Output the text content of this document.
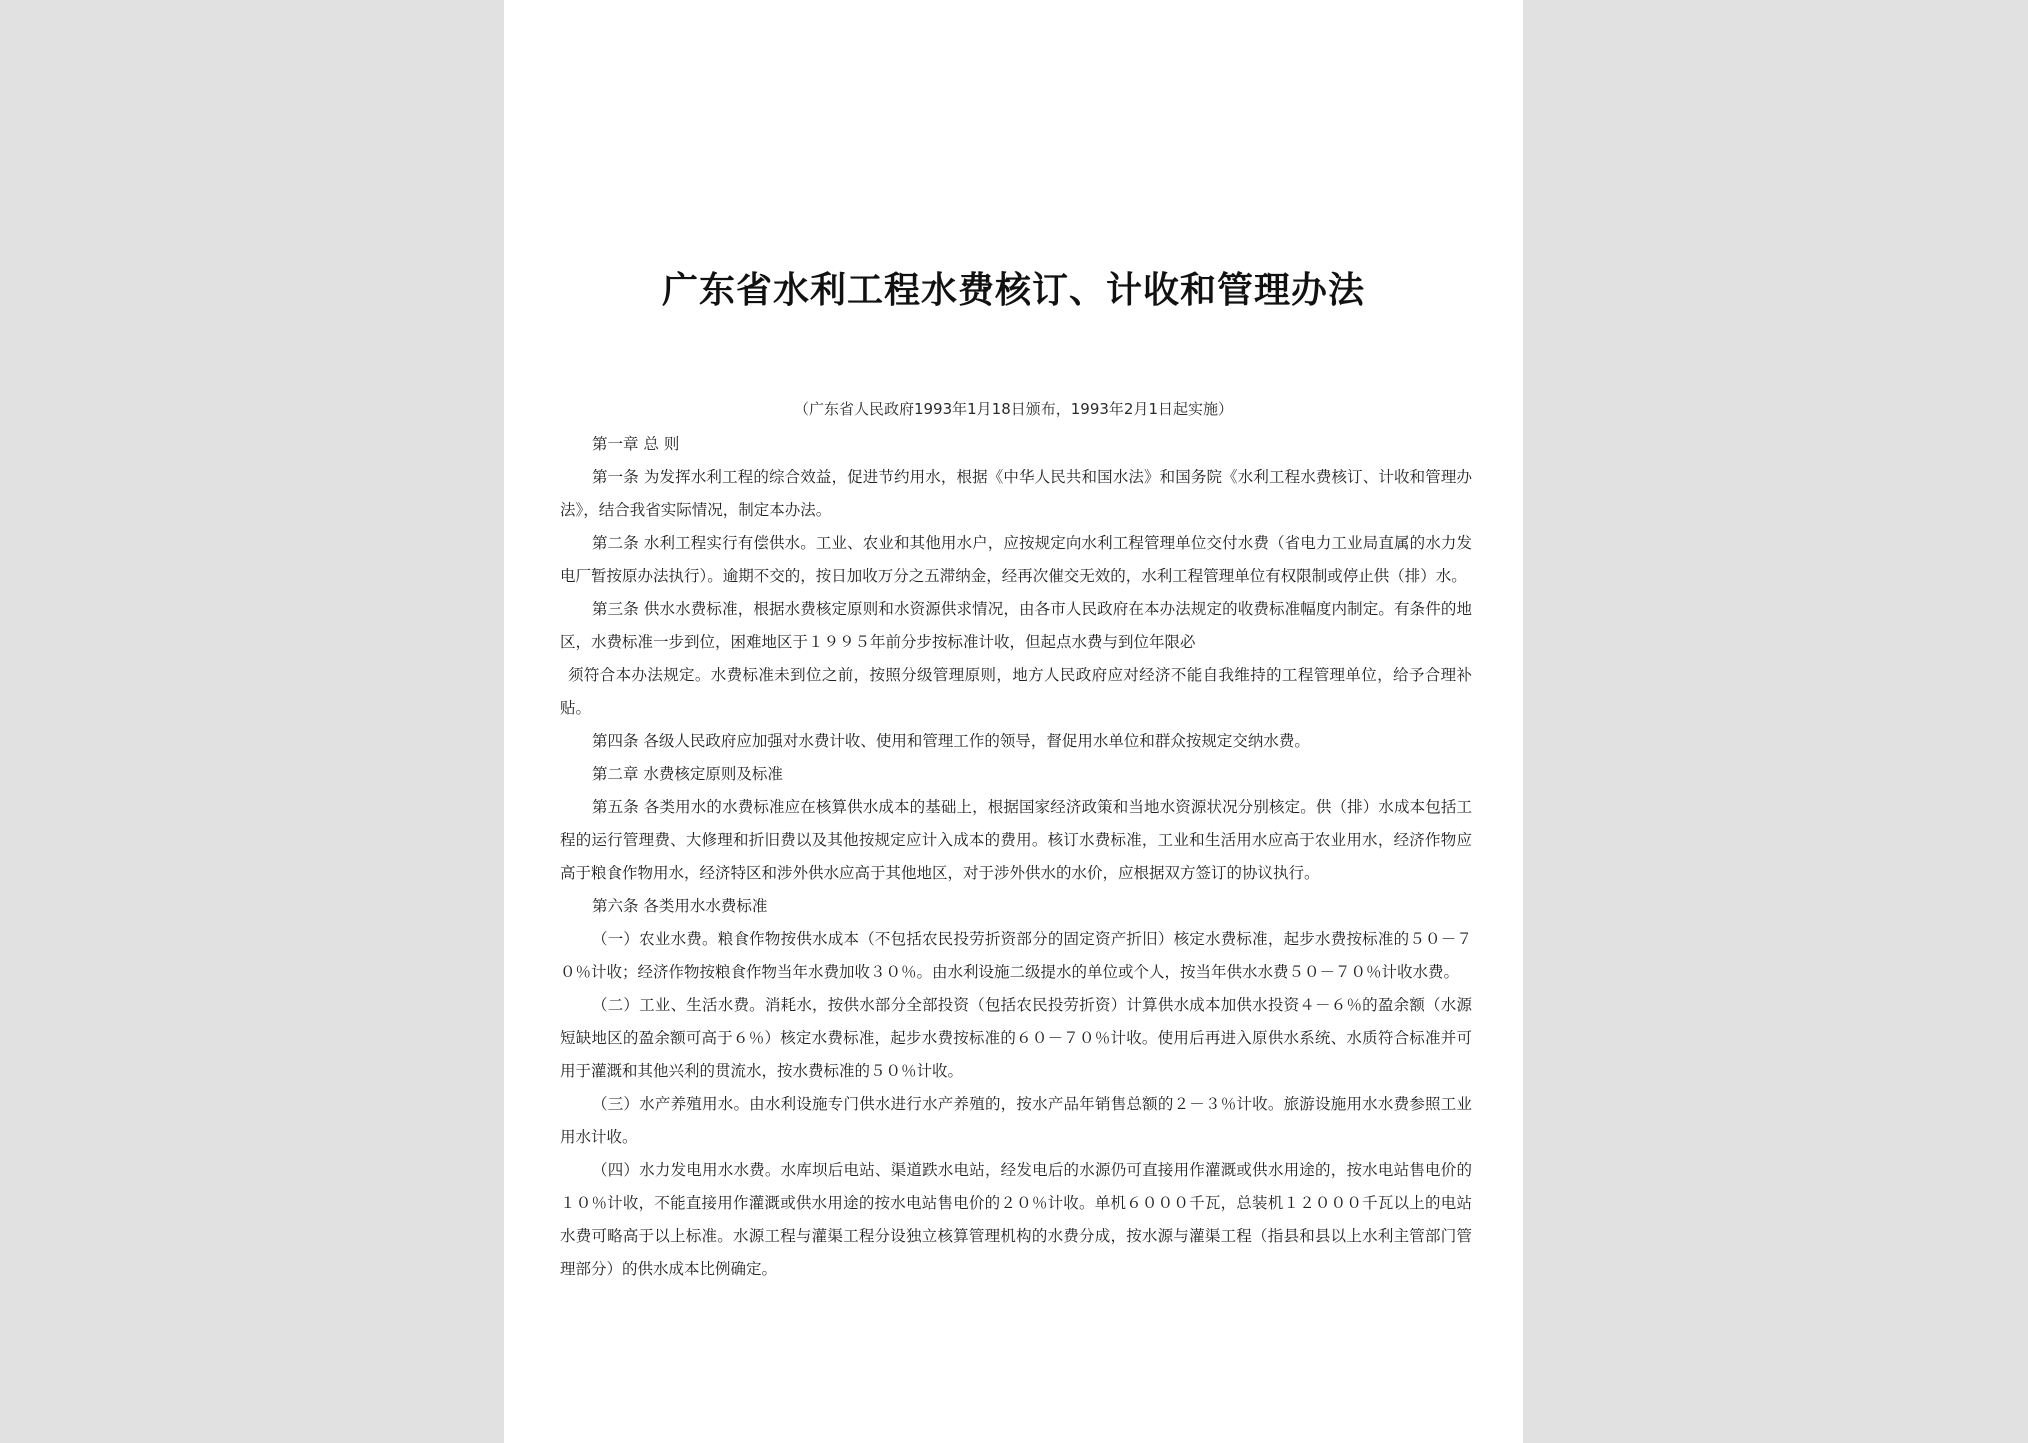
广东省水利工程水费核订、计收和管理办法
（广东省人民政府1993年1月18日颁布，1993年2月1日起实施）

第一章 总 则

第一条 为发挥水利工程的综合效益，促进节约用水，根据《中华人民共和国水法》和国务院《水利工程水费核订、计收和管理办法》，结合我省实际情况，制定本办法。

第二条 水利工程实行有偿供水。工业、农业和其他用水户，应按规定向水利工程管理单位交付水费（省电力工业局直属的水力发电厂暂按原办法执行）。逾期不交的，按日加收万分之五滞纳金，经再次催交无效的，水利工程管理单位有权限制或停止供（排）水。

第三条 供水水费标准，根据水费核定原则和水资源供求情况，由各市人民政府在本办法规定的收费标准幅度内制定。有条件的地区，水费标准一步到位，困难地区于１９９５年前分步按标准计收，但起点水费与到位年限必

须符合本办法规定。水费标准未到位之前，按照分级管理原则，地方人民政府应对经济不能自我维持的工程管理单位，给予合理补贴。

第四条 各级人民政府应加强对水费计收、使用和管理工作的领导，督促用水单位和群众按规定交纳水费。

第二章 水费核定原则及标准

第五条 各类用水的水费标准应在核算供水成本的基础上，根据国家经济政策和当地水资源状况分别核定。供（排）水成本包括工程的运行管理费、大修理和折旧费以及其他按规定应计入成本的费用。核订水费标准，工业和生活用水应高于农业用水，经济作物应高于粮食作物用水，经济特区和涉外供水应高于其他地区，对于涉外供水的水价，应根据双方签订的协议执行。

第六条 各类用水水费标准

（一）农业水费。粮食作物按供水成本（不包括农民投劳折资部分的固定资产折旧）核定水费标准，起步水费按标准的５０－７０％计收；经济作物按粮食作物当年水费加收３０％。由水利设施二级提水的单位或个人，按当年供水水费５０－７０％计收水费。

（二）工业、生活水费。消耗水，按供水部分全部投资（包括农民投劳折资）计算供水成本加供水投资４－６％的盈余额（水源短缺地区的盈余额可高于６％）核定水费标准，起步水费按标准的６０－７０％计收。使用后再进入原供水系统、水质符合标准并可用于灌溉和其他兴利的贯流水，按水费标准的５０％计收。

（三）水产养殖用水。由水利设施专门供水进行水产养殖的，按水产品年销售总额的２－３％计收。旅游设施用水水费参照工业用水计收。

（四）水力发电用水水费。水库坝后电站、渠道跌水电站，经发电后的水源仍可直接用作灌溉或供水用途的，按水电站售电价的１０％计收，不能直接用作灌溉或供水用途的按水电站售电价的２０％计收。单机６０００千瓦，总装机１２０００千瓦以上的电站水费可略高于以上标准。水源工程与灌渠工程分设独立核算管理机构的水费分成，按水源与灌渠工程（指县和县以上水利主管部门管理部分）的供水成本比例确定。
